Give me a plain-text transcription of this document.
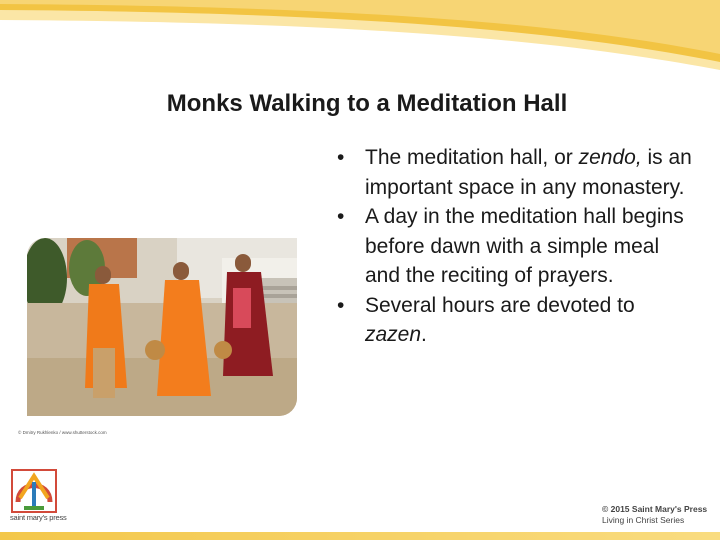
Monks Walking to a Meditation Hall
© Dmitry Rukhlenko / www.shutterstock.com
• The meditation hall, or zendo, is an important space in any monastery.
• A day in the meditation hall begins before dawn with a simple meal and the reciting of prayers.
• Several hours are devoted to zazen.
saint mary's press
© 2015 Saint Mary's Press
Living in Christ Series
